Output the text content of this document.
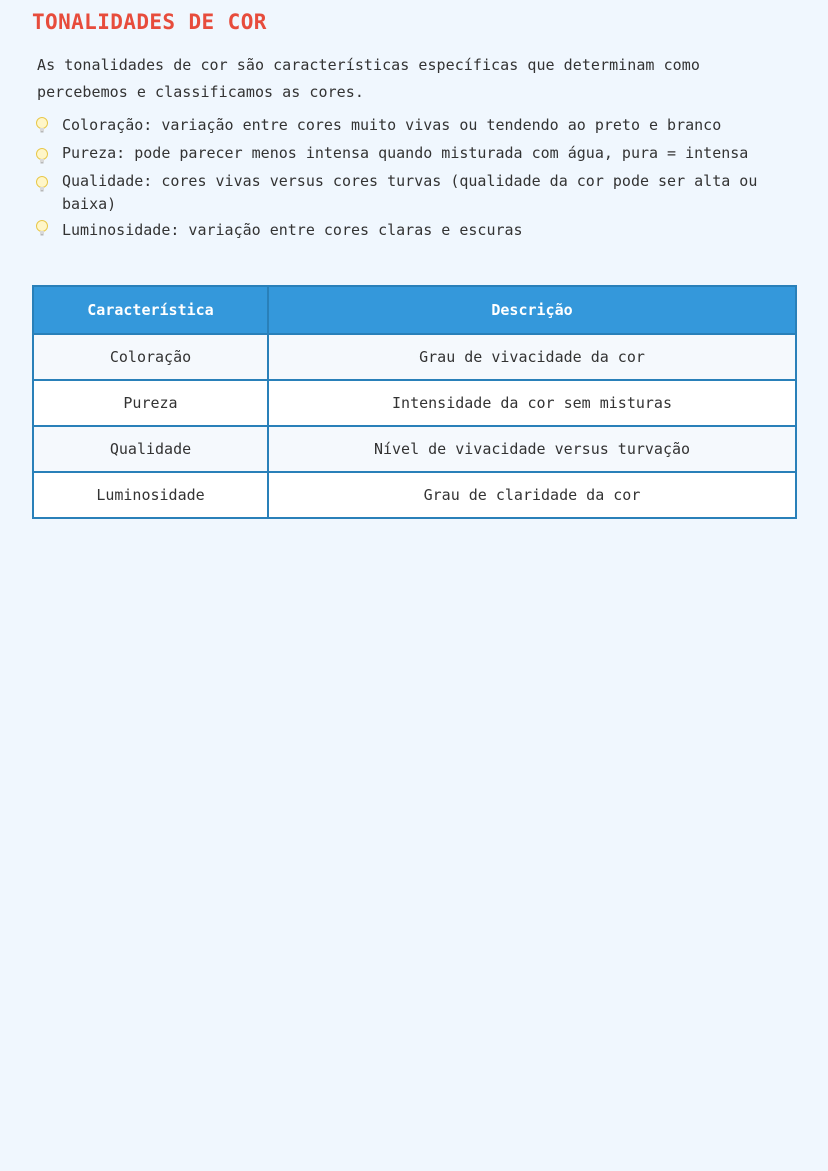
TONALIDADES DE COR

As tonalidades de cor são características específicas que determinam como percebemos e classificamos as cores.

Coloração: variação entre cores muito vivas ou tendendo ao preto e branco
Pureza: pode parecer menos intensa quando misturada com água, pura = intensa
Qualidade: cores vivas versus cores turvas (qualidade da cor pode ser alta ou baixa)
Luminosidade: variação entre cores claras e escuras
Característica	Descrição
Coloração	Grau de vivacidade da cor
Pureza	Intensidade da cor sem misturas
Qualidade	Nível de vivacidade versus turvação
Luminosidade	Grau de claridade da cor
